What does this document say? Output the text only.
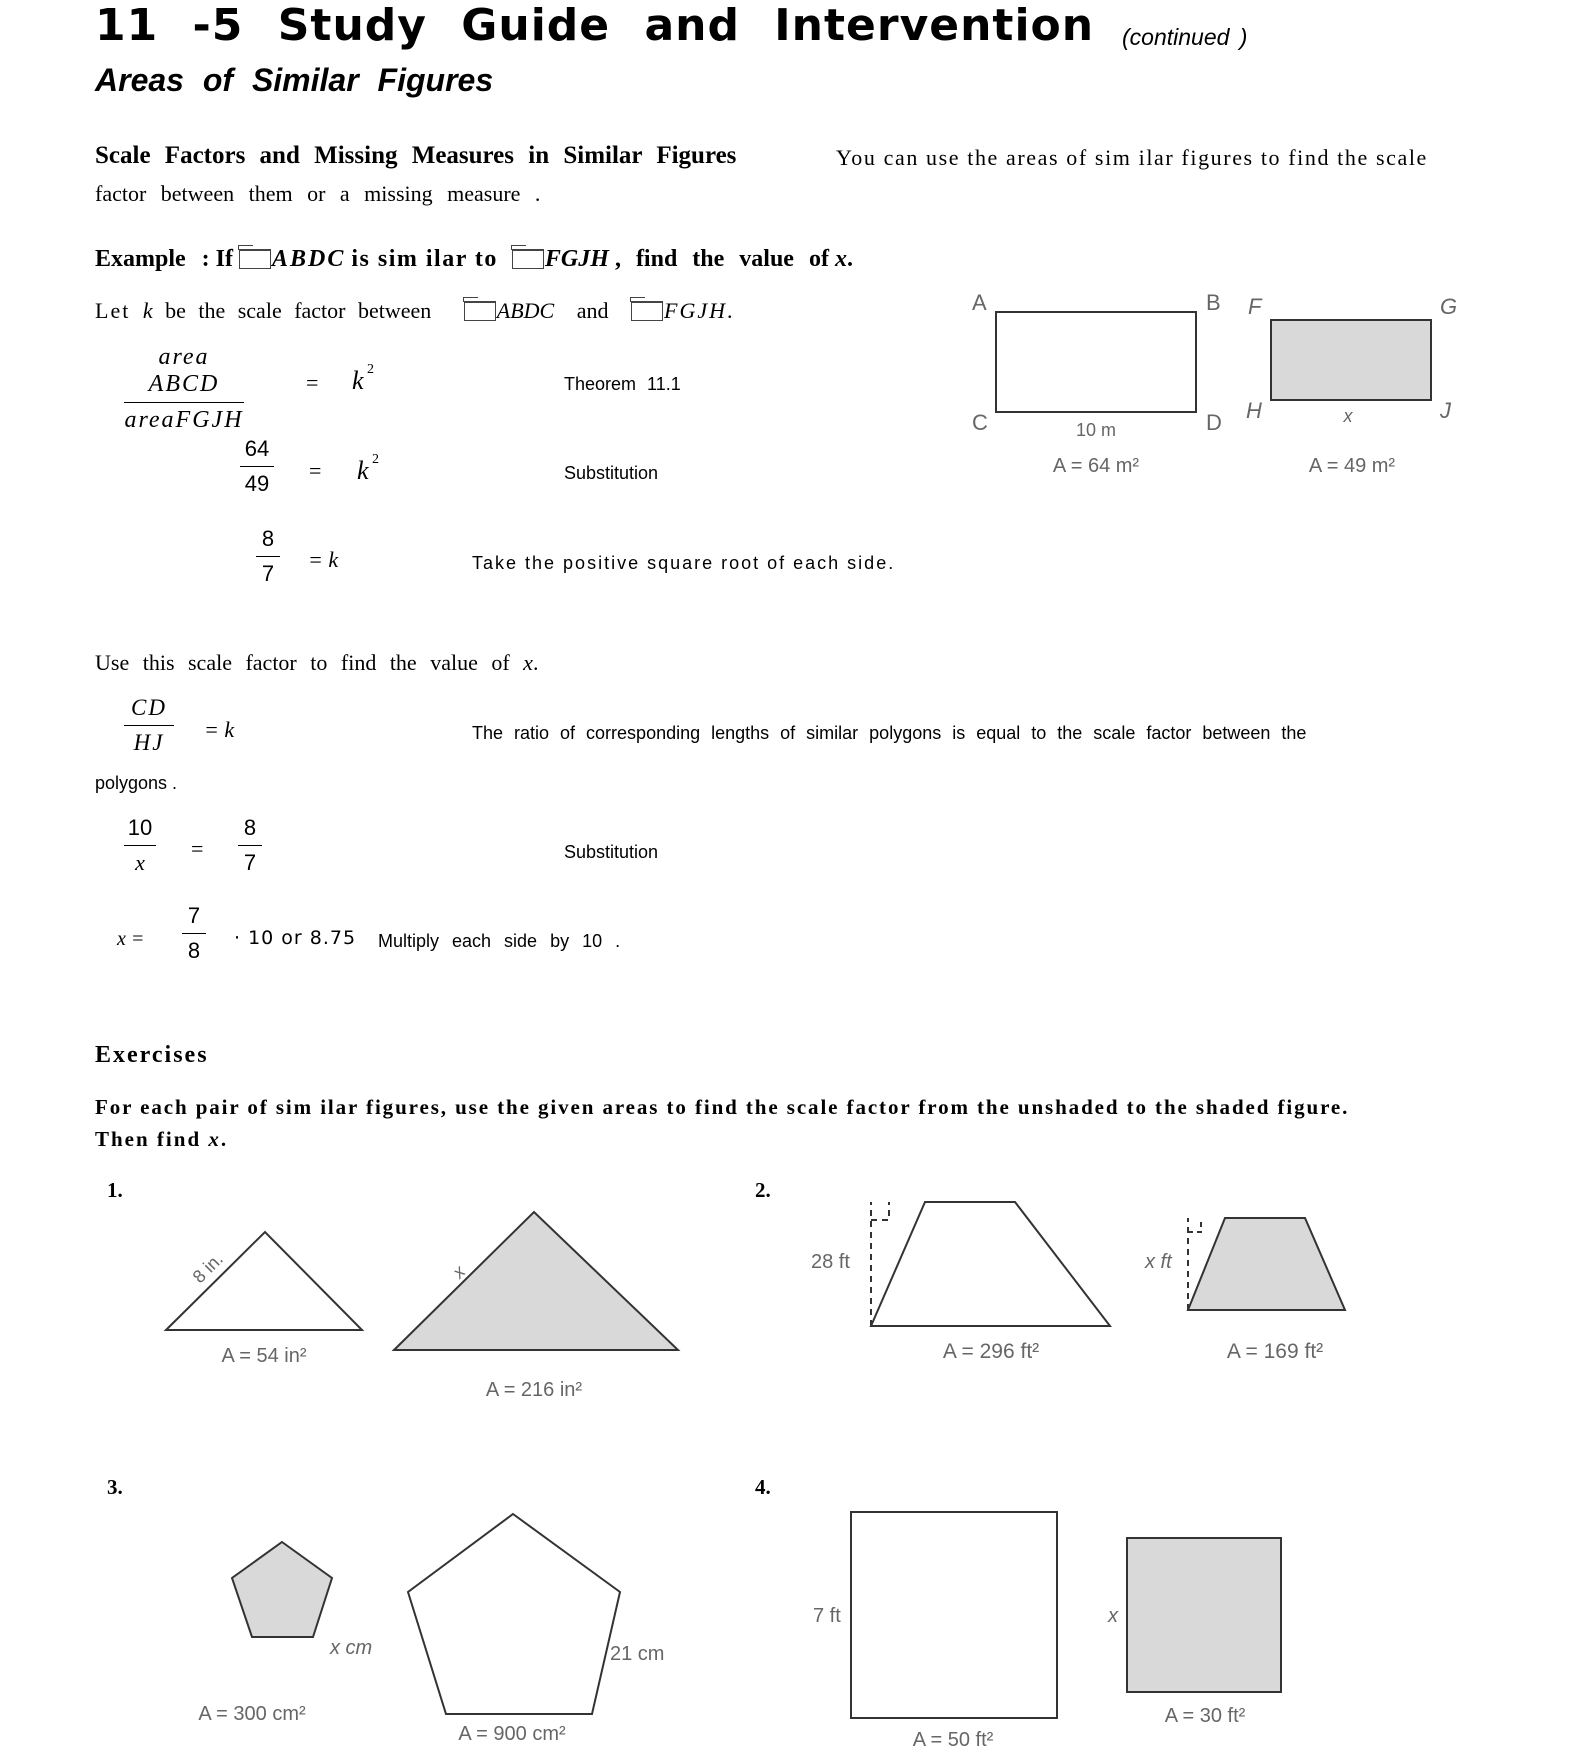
11 -5 Study Guide and Intervention (continued )
Areas of Similar Figures
Scale Factors and Missing Measures in Similar Figures	You can use the areas of sim ilar figures to find the scale
factor between them or a missing measure .
Example : If ABDC is sim ilar to FGJH , find the value of x.
Let k be the scale factor between	ABDC and	FGJH.
area ABCD
areaFGJH
= k 2
Theorem 11.1
64
49
= k 2
Substitution
8
7
= k	Take the positive square root of each side.
Use this scale factor to find the value of x.
CD
HJ
= k	The ratio of corresponding lengths of similar polygons is equal to the scale factor between the
polygons .
10
x
=
8
7	Substitution
x =
7
8	· 10 or 8.75 Multiply each side by 10 .
A	B
C	D
F	G
H	J
10 m
x
A = 64 m²	A = 49 m²
Exercises
For each pair of sim ilar figures, use the given areas to find the scale factor from the unshaded to the shaded figure.
Then find x.
1.
8 in.	x
A = 54 in²
A = 216 in²
2.
28 ft	x ft
A = 296 ft²	A = 169 ft²
3.
x cm	21 cm
A = 300 cm²
A = 900 cm²
4.
7 ft	x
A = 50 ft²
A = 30 ft²
